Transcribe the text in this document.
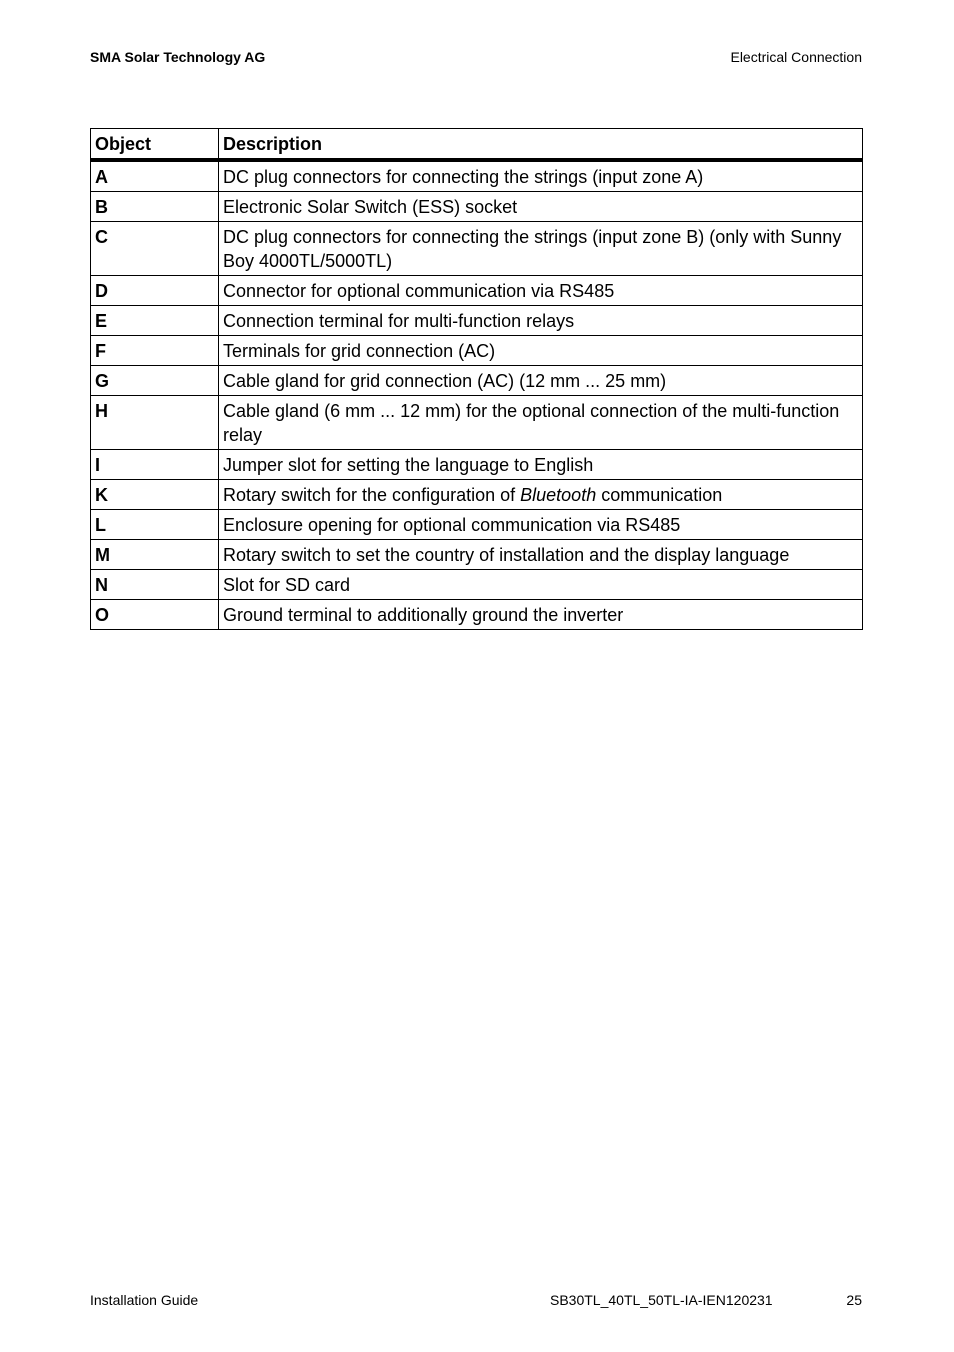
SMA Solar Technology AG	Electrical Connection
Object	Description
A	DC plug connectors for connecting the strings (input zone A)
B	Electronic Solar Switch (ESS) socket
C	DC plug connectors for connecting the strings (input zone B) (only with Sunny Boy 4000TL/5000TL)
D	Connector for optional communication via RS485
E	Connection terminal for multi-function relays
F	Terminals for grid connection (AC)
G	Cable gland for grid connection (AC) (12 mm ... 25 mm)
H	Cable gland (6 mm ... 12 mm) for the optional connection of the multi-function relay
I	Jumper slot for setting the language to English
K	Rotary switch for the configuration of Bluetooth communication
L	Enclosure opening for optional communication via RS485
M	Rotary switch to set the country of installation and the display language
N	Slot for SD card
O	Ground terminal to additionally ground the inverter
Installation Guide	SB30TL_40TL_50TL-IA-IEN120231	25
